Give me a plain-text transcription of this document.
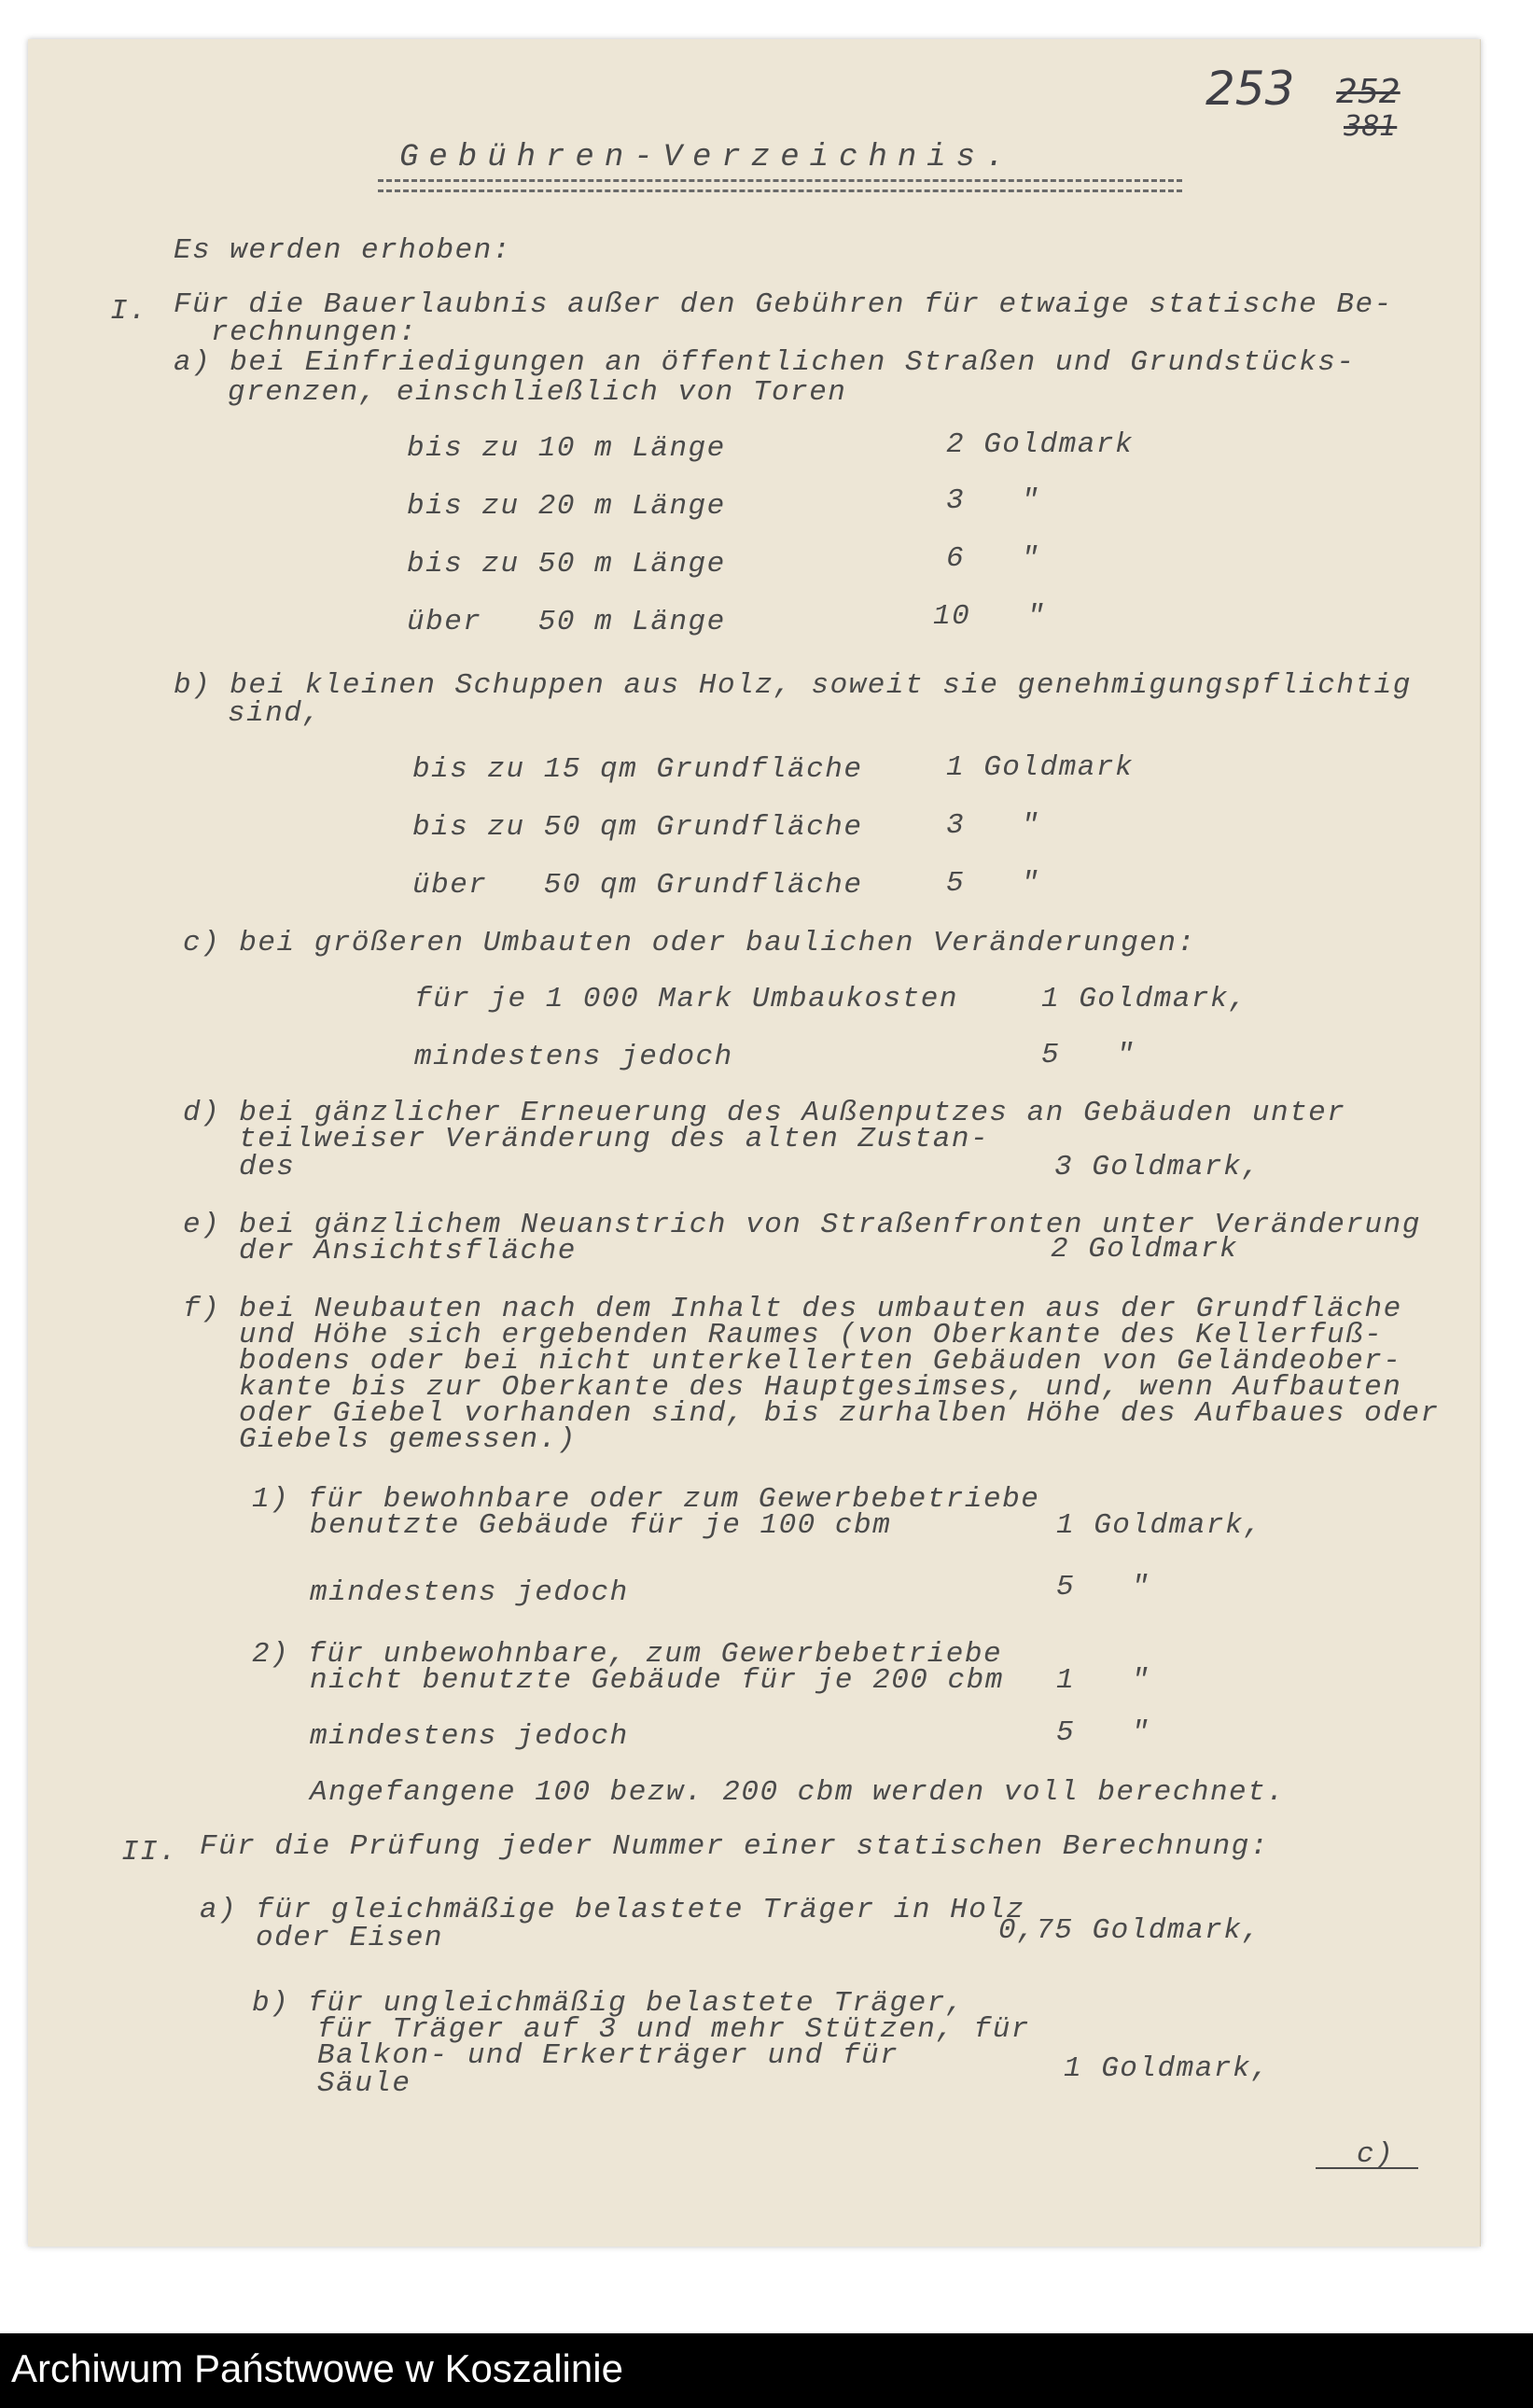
253 252
381
Gebühren-Verzeichnis.
Es werden erhoben:
I. Für die Bauerlaubnis außer den Gebühren für etwaige statische Be-
rechnungen:
a) bei Einfriedigungen an öffentlichen Straßen und Grundstücks-
grenzen, einschließlich von Toren
bis zu 10 m Länge	2 Goldmark
bis zu 20 m Länge	3   "
bis zu 50 m Länge	6   "
über   50 m Länge	10   "
b) bei kleinen Schuppen aus Holz, soweit sie genehmigungspflichtig
sind,
bis zu 15 qm Grundfläche	1 Goldmark
bis zu 50 qm Grundfläche	3   "
über   50 qm Grundfläche	5   "
c) bei größeren Umbauten oder baulichen Veränderungen:
für je 1 000 Mark Umbaukosten	1 Goldmark,
mindestens jedoch	5   "
d) bei gänzlicher Erneuerung des Außenputzes an Gebäuden unter
teilweiser Veränderung des alten Zustan-
des	3 Goldmark,
e) bei gänzlichem Neuanstrich von Straßenfronten unter Veränderung
der Ansichtsfläche	2 Goldmark
f) bei Neubauten nach dem Inhalt des umbauten aus der Grundfläche
und Höhe sich ergebenden Raumes (von Oberkante des Kellerfuß-
bodens oder bei nicht unterkellerten Gebäuden von Geländeober-
kante bis zur Oberkante des Hauptgesimses, und, wenn Aufbauten
oder Giebel vorhanden sind, bis zurhalben Höhe des Aufbaues oder
Giebels gemessen.)
1) für bewohnbare oder zum Gewerbebetriebe
benutzte Gebäude für je 100 cbm	1 Goldmark,
mindestens jedoch	5   "
2) für unbewohnbare, zum Gewerbebetriebe
nicht benutzte Gebäude für je 200 cbm 1   "
mindestens jedoch	5   "
Angefangene 100 bezw. 200 cbm werden voll berechnet.
II. Für die Prüfung jeder Nummer einer statischen Berechnung:
a) für gleichmäßige belastete Träger in Holz
oder Eisen	0,75 Goldmark,
b) für ungleichmäßig belastete Träger,
für Träger auf 3 und mehr Stützen, für
Balkon- und Erkerträger und für
Säule	1 Goldmark,
c)
Archiwum Państwowe w Koszalinie
